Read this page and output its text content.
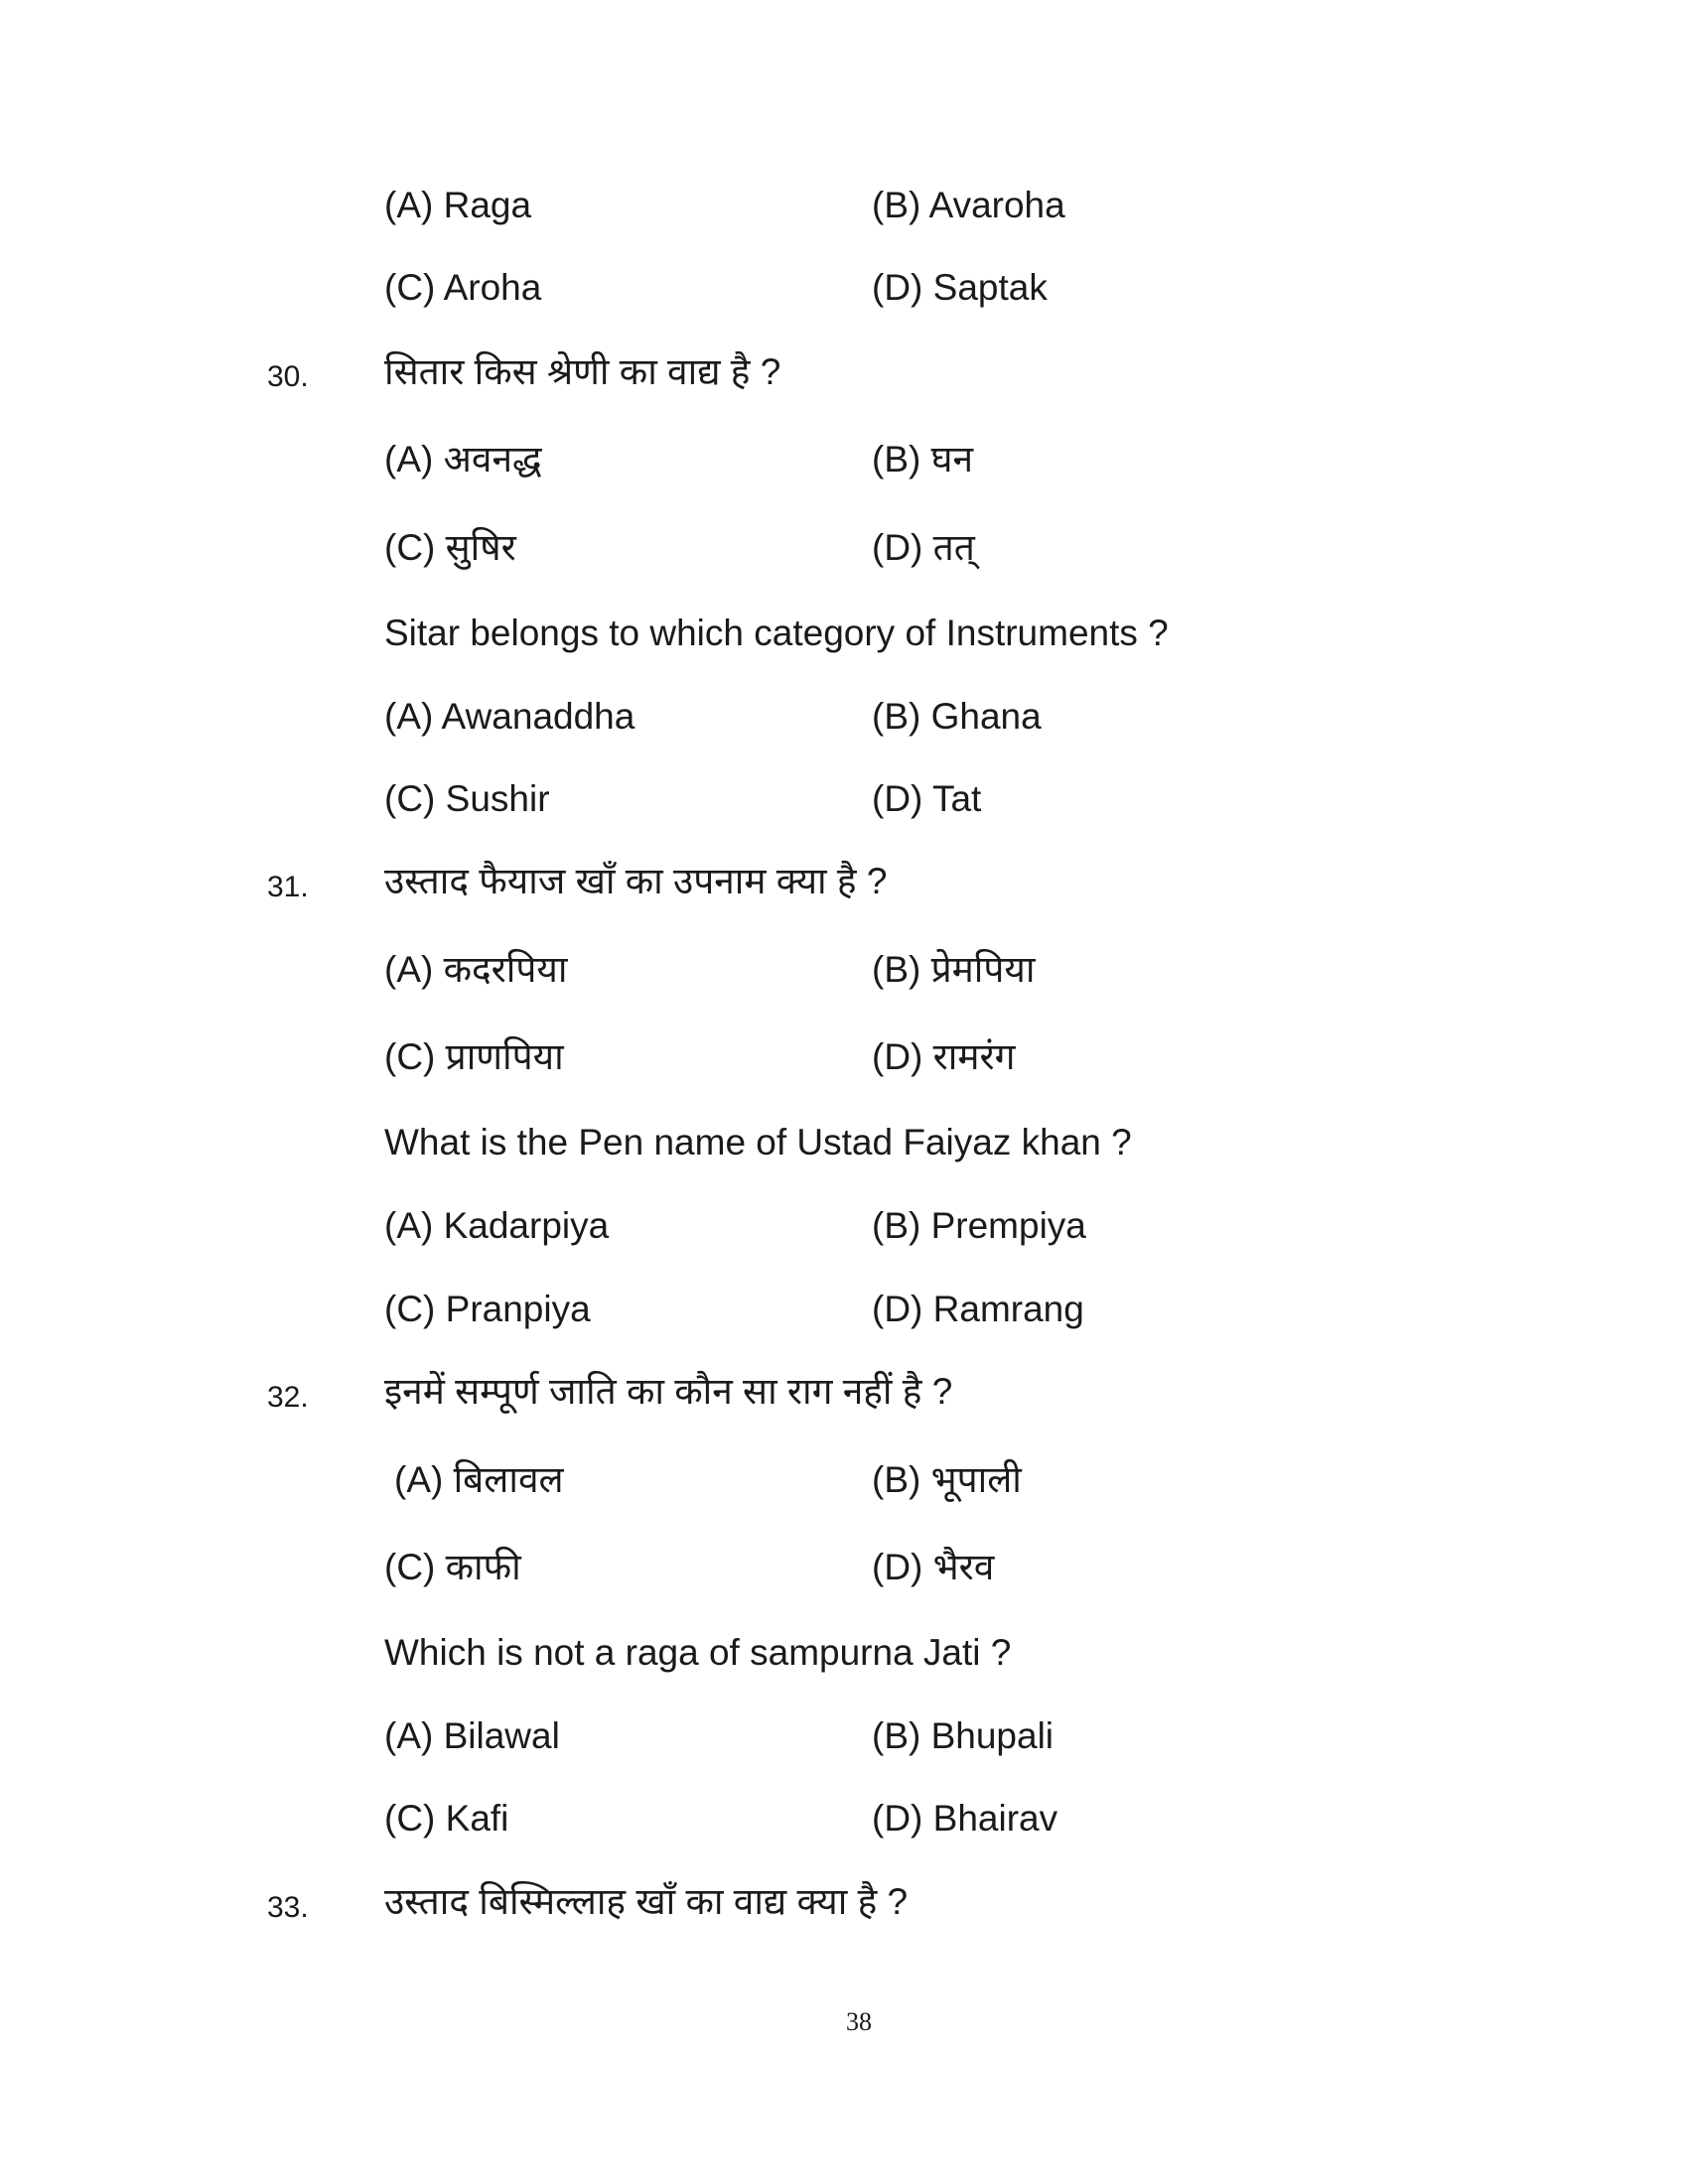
(A) Raga	(B) Avaroha
(C) Aroha	(D) Saptak
30. सितार किस श्रेणी का वाद्य है ?
(A) अवनद्ध	(B) घन
(C) सुषिर	(D) तत्
Sitar belongs to which category of Instruments ?
(A) Awanaddha	(B) Ghana
(C) Sushir	(D) Tat
31. उस्ताद फैयाज खाँ का उपनाम क्या है ?
(A) कदरपिया	(B) प्रेमपिया
(C) प्राणपिया	(D) रामरंग
What is the Pen name of Ustad Faiyaz khan ?
(A) Kadarpiya	(B) Prempiya
(C) Pranpiya	(D) Ramrang
32. इनमें सम्पूर्ण जाति का कौन सा राग नहीं है ?
(A) बिलावल	(B) भूपाली
(C) काफी	(D) भैरव
Which is not a raga of sampurna Jati ?
(A) Bilawal	(B) Bhupali
(C) Kafi	(D) Bhairav
33. उस्ताद बिस्मिल्लाह खाँ का वाद्य क्या है ?
38
